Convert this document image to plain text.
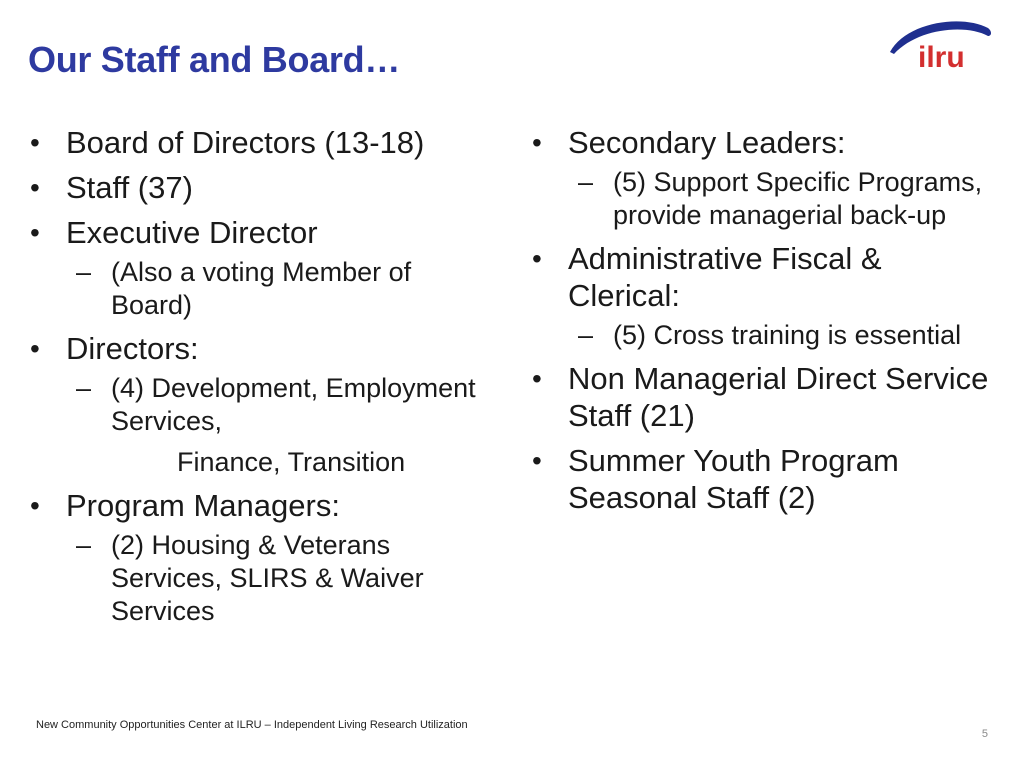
Our Staff and Board…	ilru
• Board of Directors (13-18)
• Staff (37)
• Executive Director
– (Also a voting Member of Board)
• Directors:
– (4) Development, Employment Services,
Finance, Transition
• Program Managers:
– (2) Housing & Veterans Services, SLIRS & Waiver Services
• Secondary Leaders:
– (5) Support Specific Programs, provide managerial back-up
• Administrative Fiscal & Clerical:
– (5) Cross training is essential
• Non Managerial Direct Service Staff (21)
• Summer Youth Program Seasonal Staff (2)
New Community Opportunities Center at ILRU – Independent Living Research Utilization
5
